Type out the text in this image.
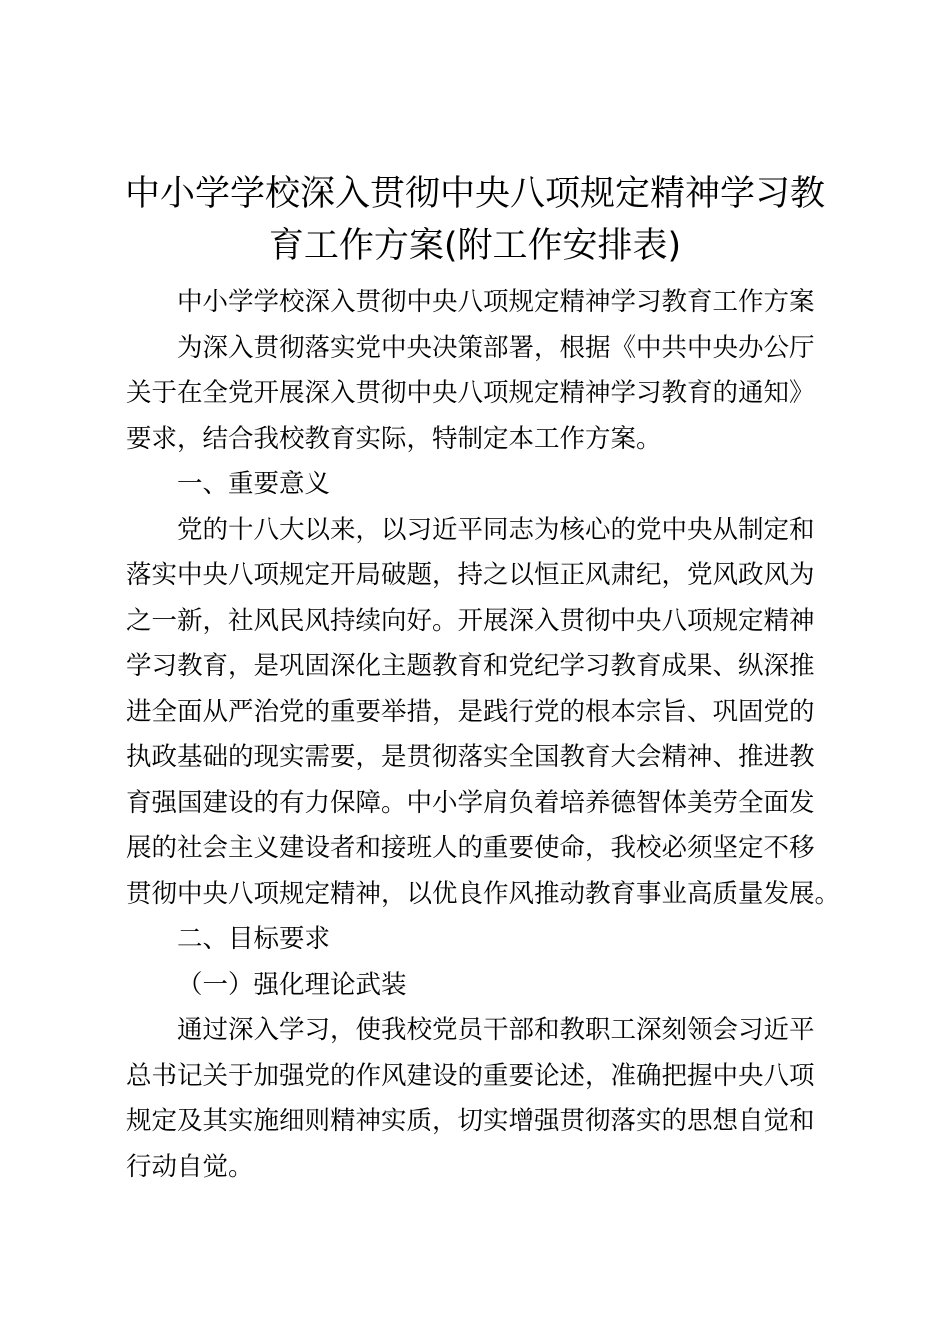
中小学学校深入贯彻中央八项规定精神学习教
育工作方案(附工作安排表)

中小学学校深入贯彻中央八项规定精神学习教育工作方案

为深入贯彻落实党中央决策部署，根据《中共中央办公厅
关于在全党开展深入贯彻中央八项规定精神学习教育的通知》
要求，结合我校教育实际，特制定本工作方案。

一、重要意义

党的十八大以来，以习近平同志为核心的党中央从制定和
落实中央八项规定开局破题，持之以恒正风肃纪，党风政风为
之一新，社风民风持续向好。开展深入贯彻中央八项规定精神
学习教育，是巩固深化主题教育和党纪学习教育成果、纵深推
进全面从严治党的重要举措，是践行党的根本宗旨、巩固党的
执政基础的现实需要，是贯彻落实全国教育大会精神、推进教
育强国建设的有力保障。中小学肩负着培养德智体美劳全面发
展的社会主义建设者和接班人的重要使命，我校必须坚定不移
贯彻中央八项规定精神，以优良作风推动教育事业高质量发展。

二、目标要求

（一）强化理论武装

通过深入学习，使我校党员干部和教职工深刻领会习近平
总书记关于加强党的作风建设的重要论述，准确把握中央八项
规定及其实施细则精神实质，切实增强贯彻落实的思想自觉和
行动自觉。
